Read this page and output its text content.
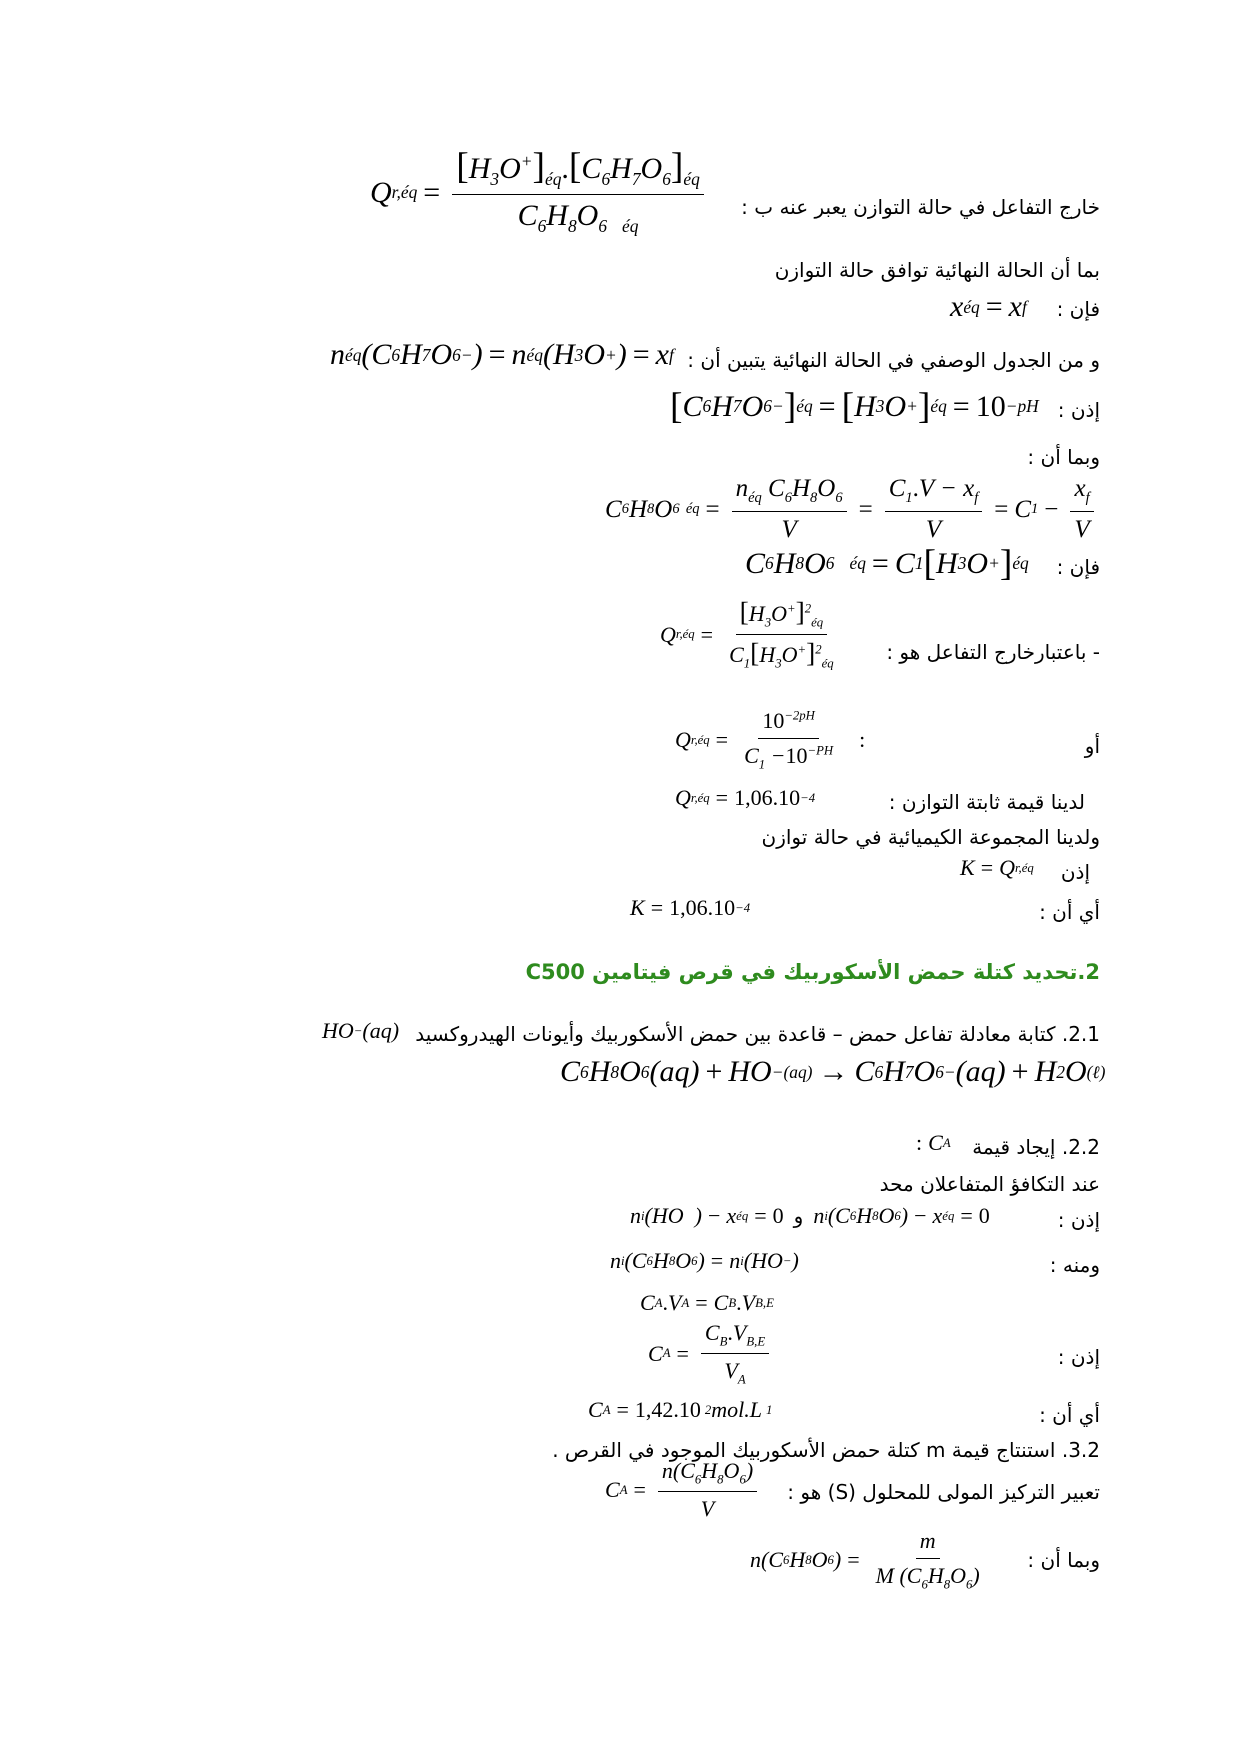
خارج التفاعل في حالة التوازن يعبر عنه ب :
بما أن الحالة النهائية توافق حالة التوازن
فإن :
و من الجدول الوصفي في الحالة النهائية يتبين أن :
إذن :
وبما أن :
فإن :
- باعتبارخارج التفاعل هو :
أو
لدينا قيمة ثابتة التوازن :
ولدينا المجموعة الكيميائية في حالة توازن
إذن
أي أن :
2.تحديد كتلة حمض الأسكوربيك في قرص فيتامين C500
2.1. كتابة معادلة تفاعل حمض – قاعدة بين حمض الأسكوربيك وأيونات الهيدروكسيد
2.2. إيجاد قيمة
عند التكافؤ المتفاعلان محد
إذن :
ومنه :
إذن :
أي أن :
3.2. استنتاج قيمة m كتلة حمض الأسكوربيك الموجود في القرص .
تعبير التركيز المولى للمحلول (S) هو :
وبما أن :
Q r,éq = $\frac{[H_3O^+]_{éq}.[C_6H_7O_6]_{éq}}{C_6H_8O_6 _{éq}}$
x éq = x f
n éq (C 6 H 7 O 6 − ) = n éq (H 3 O + ) = x f
[ C 6 H 7 O 6 − ] éq = [ H 3 O + ] éq = 10 −pH
C 6 H 8 O 6
éq = $\frac{n_{éq} C_6H_8O_6}{V} = \frac{C_1.V - x_f}{V} = C$ $1 - \frac{x_f}{V}$
C 6 H 8 O 6
éq = C 1 [ H 3 O + ] éq
Q r,éq = $\frac{[H_3O^+]^2_{éq}}{C_1[H_3O^+]^2_{éq}}$
Q r,éq = $\frac{10^{-2pH}}{C_1 -10^{-PH}}$ :
Q r,éq = 1,06.10 −4
K = Q r,éq
K = 1,06.10 −4
HO − (aq)
C 6 H 8 O 6 (aq) + HO − (aq) → C 6 H 7 O 6 − (aq) + H 2 O (ℓ)
: C A
n i (HO  ) − x éq = 0 و n i (C 6 H 8 O 6 ) − x éq = 0
n i (C 6 H 8 O 6 ) = n i (HO − )
C A . V A = C B . V B,E
C $A = \frac{C_B.V_{B,E}}{V_A}$
C A = 1,42.10 2 mol.L 1
C $A = \frac{n(C_6H_8O_6)}{V}$
n(C 6 H 8 O 6 ) = $\frac{m}{M (C_6H_8O_6)}$
